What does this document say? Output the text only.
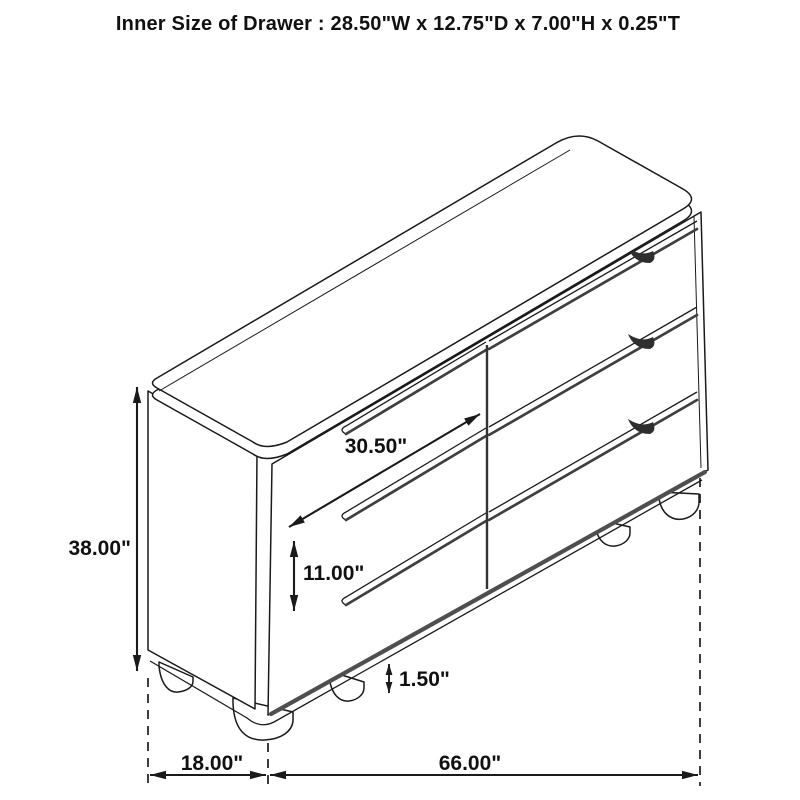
38.00"
30.50"
11.00"
1.50"
18.00"	66.00"
Inner Size of Drawer : 28.50"W x 12.75"D x 7.00"H x 0.25"T
